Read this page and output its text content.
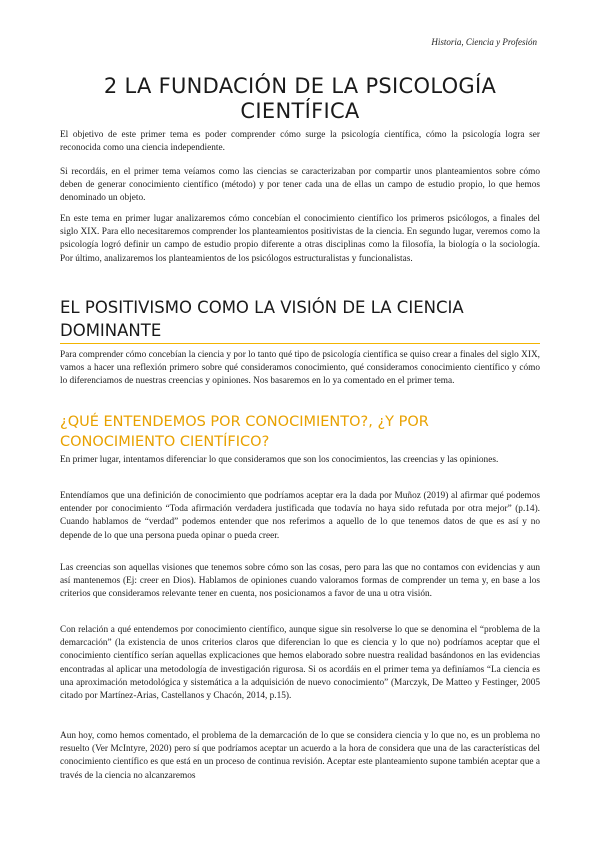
Historia, Ciencia y Profesión
2 LA FUNDACIÓN DE LA PSICOLOGÍA CIENTÍFICA

El objetivo de este primer tema es poder comprender cómo surge la psicología científica, cómo la psicología logra ser reconocida como una ciencia independiente.

Si recordáis, en el primer tema veíamos como las ciencias se caracterizaban por compartir unos planteamientos sobre cómo deben de generar conocimiento científico (método) y por tener cada una de ellas un campo de estudio propio, lo que hemos denominado un objeto.

En este tema en primer lugar analizaremos cómo concebían el conocimiento científico los primeros psicólogos, a finales del siglo XIX. Para ello necesitaremos comprender los planteamientos positivistas de la ciencia. En segundo lugar, veremos como la psicología logró definir un campo de estudio propio diferente a otras disciplinas como la filosofía, la biología o la sociología. Por último, analizaremos los planteamientos de los psicólogos estructuralistas y funcionalistas.

EL POSITIVISMO COMO LA VISIÓN DE LA CIENCIA DOMINANTE

Para comprender cómo concebían la ciencia y por lo tanto qué tipo de psicología científica se quiso crear a finales del siglo XIX, vamos a hacer una reflexión primero sobre qué consideramos conocimiento, qué consideramos conocimiento científico y cómo lo diferenciamos de nuestras creencias y opiniones. Nos basaremos en lo ya comentado en el primer tema.

¿QUÉ ENTENDEMOS POR CONOCIMIENTO?, ¿Y POR CONOCIMIENTO CIENTÍFICO?

En primer lugar, intentamos diferenciar lo que consideramos que son los conocimientos, las creencias y las opiniones.

Entendíamos que una definición de conocimiento que podríamos aceptar era la dada por Muñoz (2019) al afirmar qué podemos entender por conocimiento “Toda afirmación verdadera justificada que todavía no haya sido refutada por otra mejor” (p.14). Cuando hablamos de “verdad” podemos entender que nos referimos a aquello de lo que tenemos datos de que es así y no depende de lo que una persona pueda opinar o pueda creer.

Las creencias son aquellas visiones que tenemos sobre cómo son las cosas, pero para las que no contamos con evidencias y aun así mantenemos (Ej: creer en Dios). Hablamos de opiniones cuando valoramos formas de comprender un tema y, en base a los criterios que consideramos relevante tener en cuenta, nos posicionamos a favor de una u otra visión.

Con relación a qué entendemos por conocimiento científico, aunque sigue sin resolverse lo que se denomina el “problema de la demarcación” (la existencia de unos criterios claros que diferencian lo que es ciencia y lo que no) podríamos aceptar que el conocimiento científico serían aquellas explicaciones que hemos elaborado sobre nuestra realidad basándonos en las evidencias encontradas al aplicar una metodología de investigación rigurosa. Si os acordáis en el primer tema ya definíamos “La ciencia es una aproximación metodológica y sistemática a la adquisición de nuevo conocimiento” (Marczyk, De Matteo y Festinger, 2005 citado por Martínez-Arias, Castellanos y Chacón, 2014, p.15).

Aun hoy, como hemos comentado, el problema de la demarcación de lo que se considera ciencia y lo que no, es un problema no resuelto (Ver McIntyre, 2020) pero sí que podríamos aceptar un acuerdo a la hora de considera que una de las características del conocimiento científico es que está en un proceso de continua revisión. Aceptar este planteamiento supone también aceptar que a través de la ciencia no alcanzaremos
